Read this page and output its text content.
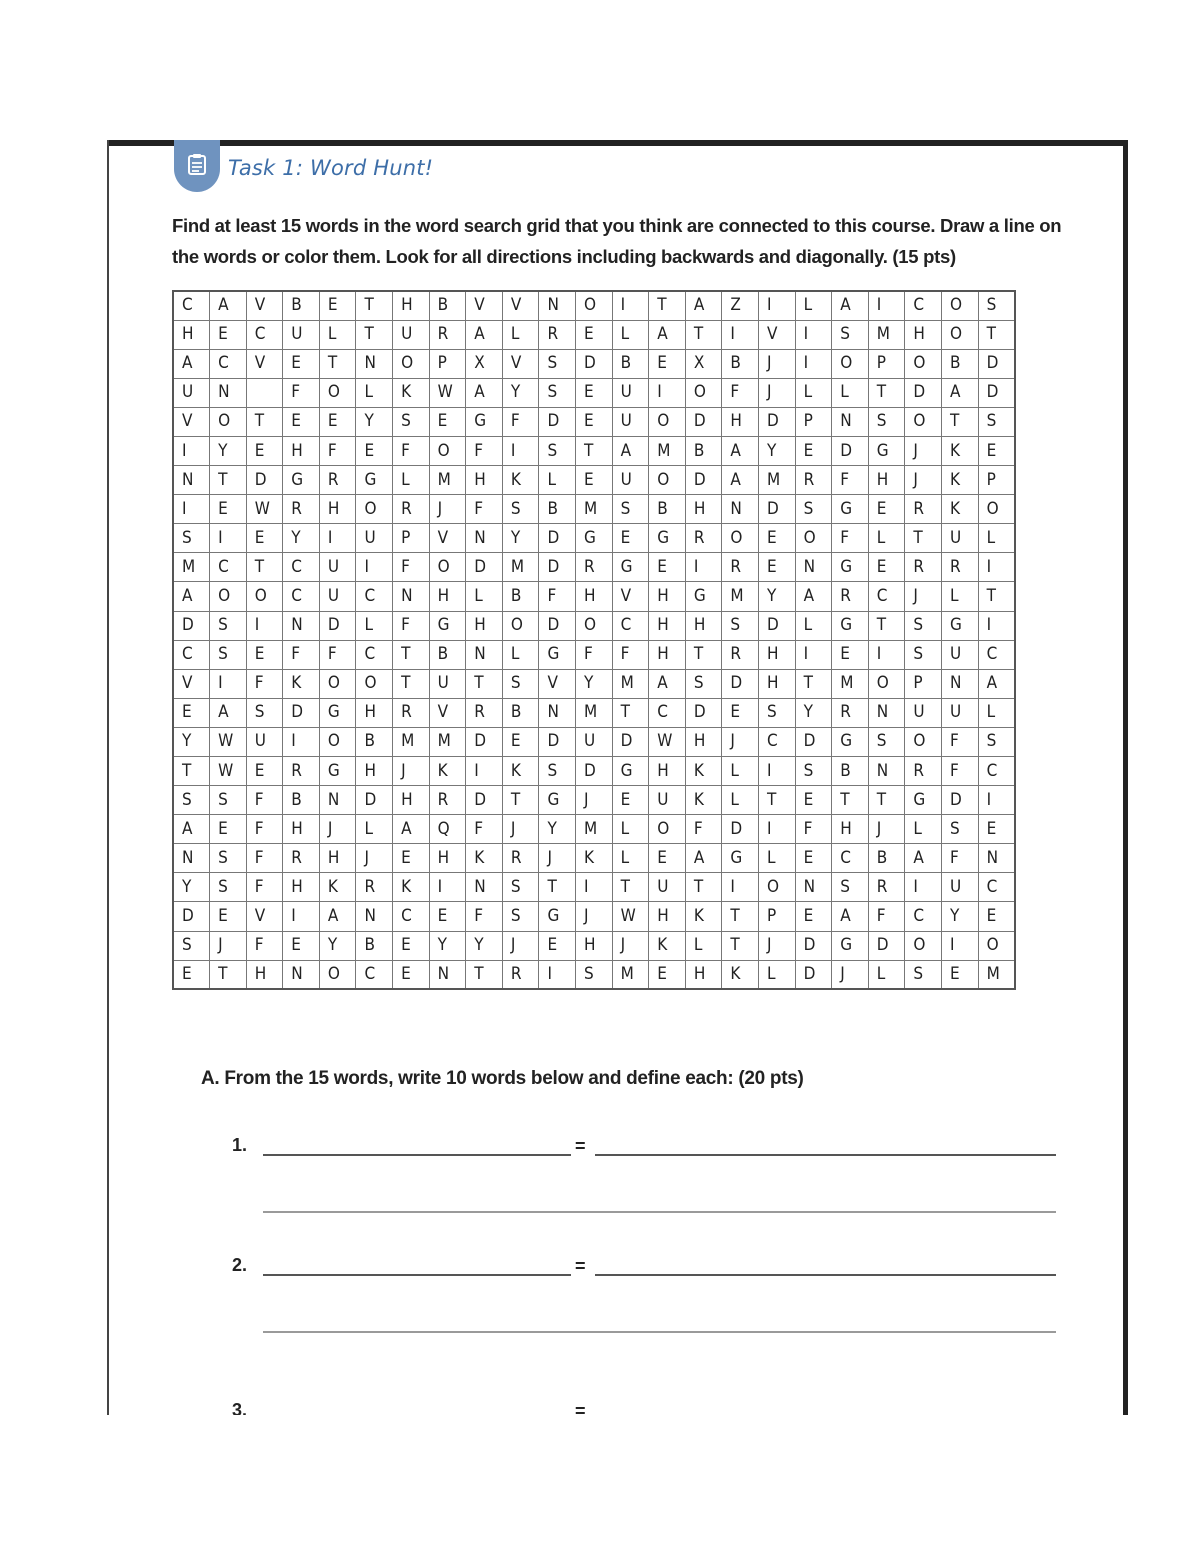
Task 1: Word Hunt!
Find at least 15 words in the word search grid that you think are connected to this course. Draw a line on the words or color them. Look for all directions including backwards and diagonally. (15 pts)
C	A	V	B	E	T	H	B	V	V	N	O	I	T	A	Z	I	L	A	I	C	O	S
H	E	C	U	L	T	U	R	A	L	R	E	L	A	T	I	V	I	S	M	H	O	T
A	C	V	E	T	N	O	P	X	V	S	D	B	E	X	B	J	I	O	P	O	B	D
U	N		F	O	L	K	W	A	Y	S	E	U	I	O	F	J	L	L	T	D	A	D
V	O	T	E	E	Y	S	E	G	F	D	E	U	O	D	H	D	P	N	S	O	T	S
I	Y	E	H	F	E	F	O	F	I	S	T	A	M	B	A	Y	E	D	G	J	K	E
N	T	D	G	R	G	L	M	H	K	L	E	U	O	D	A	M	R	F	H	J	K	P
I	E	W	R	H	O	R	J	F	S	B	M	S	B	H	N	D	S	G	E	R	K	O
S	I	E	Y	I	U	P	V	N	Y	D	G	E	G	R	O	E	O	F	L	T	U	L
M	C	T	C	U	I	F	O	D	M	D	R	G	E	I	R	E	N	G	E	R	R	I
A	O	O	C	U	C	N	H	L	B	F	H	V	H	G	M	Y	A	R	C	J	L	T
D	S	I	N	D	L	F	G	H	O	D	O	C	H	H	S	D	L	G	T	S	G	I
C	S	E	F	F	C	T	B	N	L	G	F	F	H	T	R	H	I	E	I	S	U	C
V	I	F	K	O	O	T	U	T	S	V	Y	M	A	S	D	H	T	M	O	P	N	A
E	A	S	D	G	H	R	V	R	B	N	M	T	C	D	E	S	Y	R	N	U	U	L
Y	W	U	I	O	B	M	M	D	E	D	U	D	W	H	J	C	D	G	S	O	F	S
T	W	E	R	G	H	J	K	I	K	S	D	G	H	K	L	I	S	B	N	R	F	C
S	S	F	B	N	D	H	R	D	T	G	J	E	U	K	L	T	E	T	T	G	D	I
A	E	F	H	J	L	A	Q	F	J	Y	M	L	O	F	D	I	F	H	J	L	S	E
N	S	F	R	H	J	E	H	K	R	J	K	L	E	A	G	L	E	C	B	A	F	N
Y	S	F	H	K	R	K	I	N	S	T	I	T	U	T	I	O	N	S	R	I	U	C
D	E	V	I	A	N	C	E	F	S	G	J	W	H	K	T	P	E	A	F	C	Y	E
S	J	F	E	Y	B	E	Y	Y	J	E	H	J	K	L	T	J	D	G	D	O	I	O
E	T	H	N	O	C	E	N	T	R	I	S	M	E	H	K	L	D	J	L	S	E	M
A. From the 15 words, write 10 words below and define each: (20 pts)
1.	=
2.	=
3.	=
